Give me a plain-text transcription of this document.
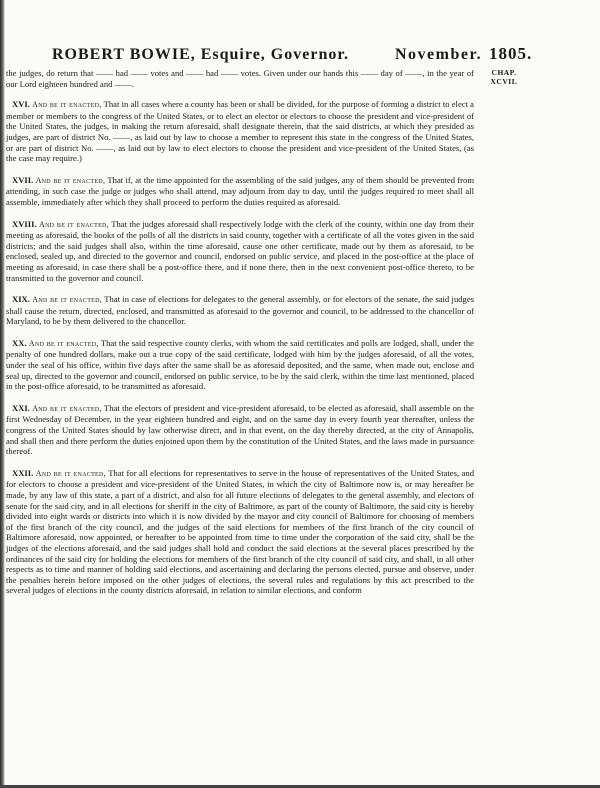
ROBERT BOWIE, Esquire, Governor.	November. 1805.
CHAP.
XCVII.

the judges, do return that —— had —— votes and —— had —— votes. Given under our hands this —— day of ——, in the year of our Lord eighteen hundred and ——.

XVI. And be it enacted, That in all cases where a county has been or shall be divided, for the purpose of forming a district to elect a member or members to the congress of the United States, or to elect an elector or electors to choose the president and vice-president of the United States, the judges, in making the return aforesaid, shall designate therein, that the said districts, at which they presided as judges, are part of district No. ——, as laid out by law to choose a member to represent this state in the congress of the United States, or are part of district No. ——, as laid out by law to elect electors to choose the president and vice-president of the United States, (as the case may require.)

XVII. And be it enacted, That if, at the time appointed for the assembling of the said judges, any of them should be prevented from attending, in such case the judge or judges who shall attend, may adjourn from day to day, until the judges required to meet shall all assemble, immediately after which they shall proceed to perform the duties required as aforesaid.

XVIII. And be it enacted, That the judges aforesaid shall respectively lodge with the clerk of the county, within one day from their meeting as aforesaid, the books of the polls of all the districts in said county, together with a certificate of all the votes given in the said districts; and the said judges shall also, within the time aforesaid, cause one other certificate, made out by them as aforesaid, to be enclosed, sealed up, and directed to the governor and council, endorsed on public service, and placed in the post-office at the place of meeting as aforesaid, in case there shall be a post-office there, and if none there, then in the next convenient post-office thereto, to be transmitted to the governor and council.

XIX. And be it enacted, That in case of elections for delegates to the general assembly, or for electors of the senate, the said judges shall cause the return, directed, enclosed, and transmitted as aforesaid to the governor and council, to be addressed to the chancellor of Maryland, to be by them delivered to the chancellor.

XX. And be it enacted, That the said respective county clerks, with whom the said certificates and polls are lodged, shall, under the penalty of one hundred dollars, make out a true copy of the said certificate, lodged with him by the judges aforesaid, of all the votes, under the seal of his office, within five days after the same shall be as aforesaid deposited, and the same, when made out, enclose and seal up, directed to the governor and council, endorsed on public service, to be by the said clerk, within the time last mentioned, placed in the post-office aforesaid, to be transmitted as aforesaid.

XXI. And be it enacted, That the electors of president and vice-president aforesaid, to be elected as aforesaid, shall assemble on the first Wednesday of December, in the year eighteen hundred and eight, and on the same day in every fourth year thereafter, unless the congress of the United States should by law otherwise direct, and in that event, on the day thereby directed, at the city of Annapolis, and shall then and there perform the duties enjoined upon them by the constitution of the United States, and the laws made in pursuance thereof.

XXII. And be it enacted, That for all elections for representatives to serve in the house of representatives of the United States, and for electors to choose a president and vice-president of the United States, in which the city of Baltimore now is, or may hereafter be made, by any law of this state, a part of a district, and also for all future elections of delegates to the general assembly, and electors of senate for the said city, and in all elections for sheriff in the city of Baltimore, as part of the county of Baltimore, the said city is hereby divided into eight wards or districts into which it is now divided by the mayor and city council of Baltimore for choosing of members of the first branch of the city council, and the judges of the said elections for members of the first branch of the city council of Baltimore aforesaid, now appointed, or hereafter to be appointed from time to time under the corporation of the said city, shall be the judges of the elections aforesaid, and the said judges shall hold and conduct the said elections at the several places prescribed by the ordinances of the said city for holding the elections for members of the first branch of the city council of said city, and shall, in all other respects as to time and manner of holding said elections, and ascertaining and declaring the persons elected, pursue and observe, under the penalties herein before imposed on the other judges of elections, the several rules and regulations by this act prescribed to the several judges of elections in the county districts aforesaid, in relation to similar elections, and conform
